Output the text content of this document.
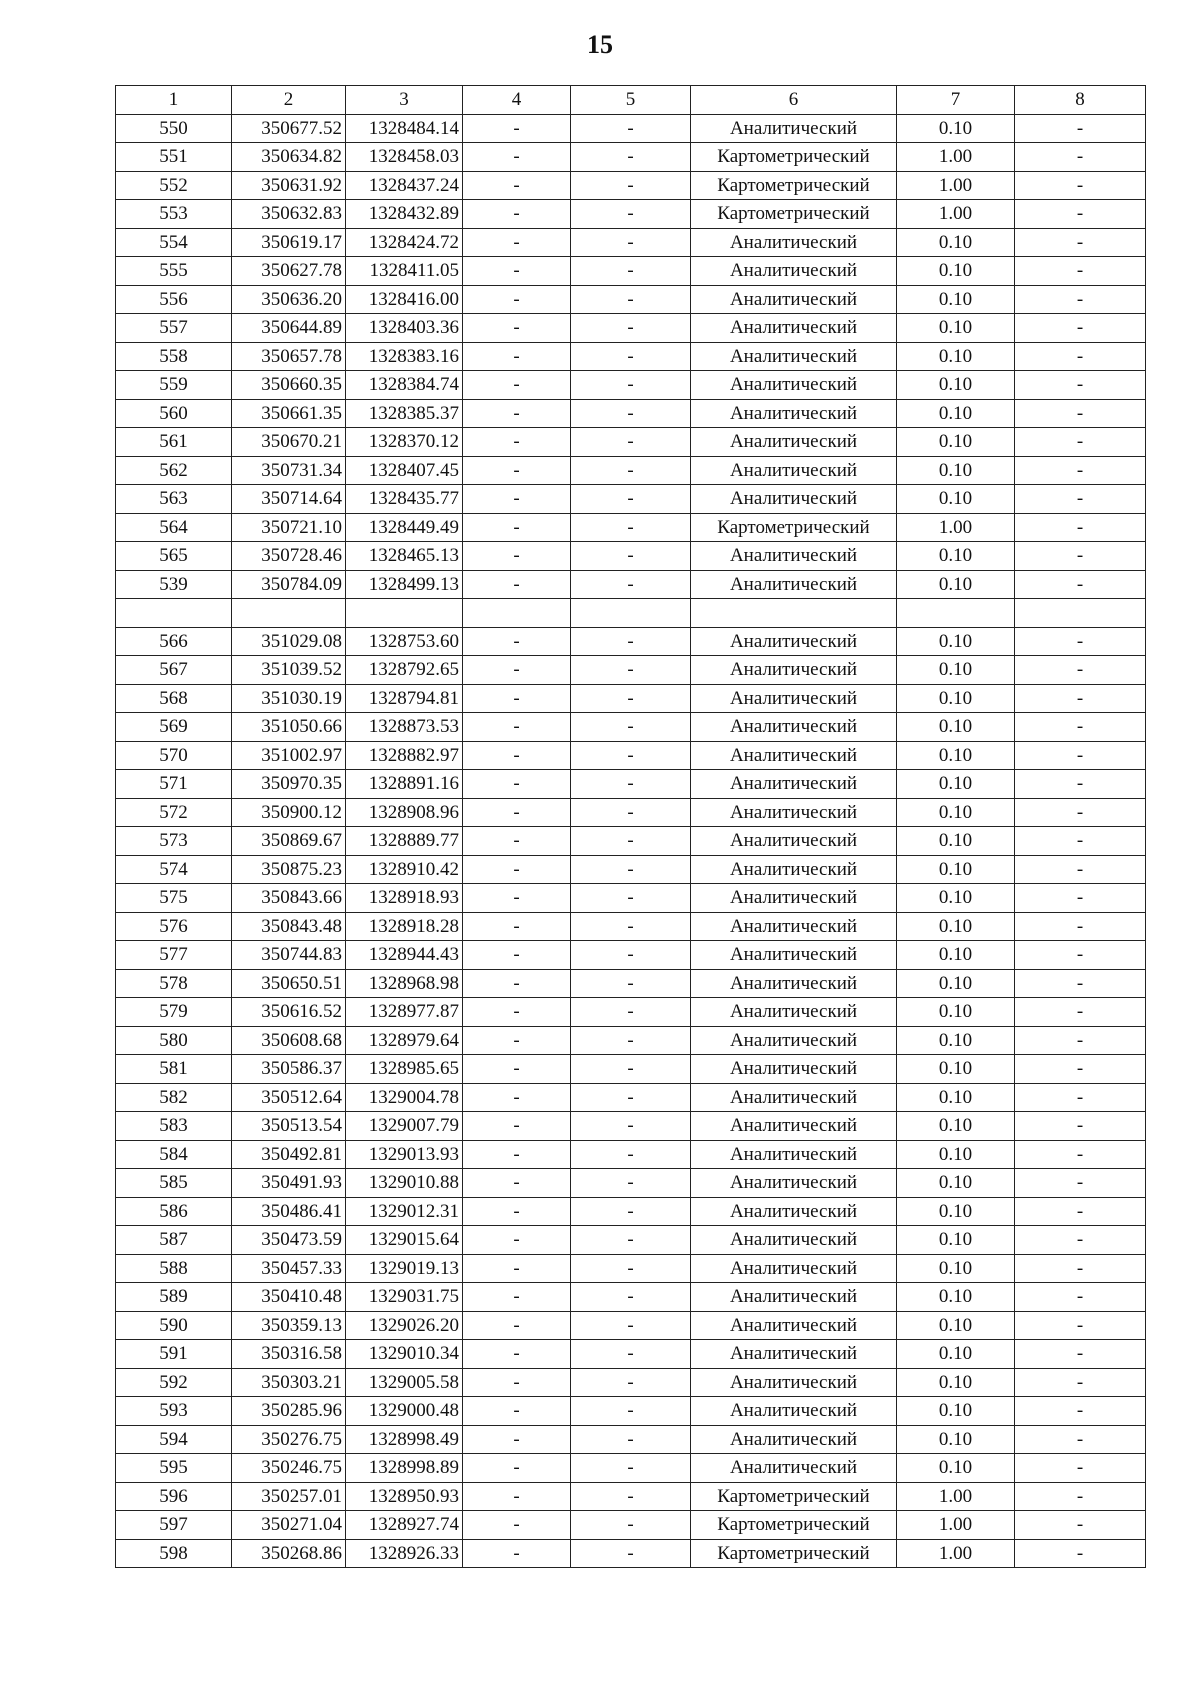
15
1	2	3	4	5	6	7	8
550	350677.52	1328484.14	-	-	Аналитический	0.10	-
551	350634.82	1328458.03	-	-	Картометрический	1.00	-
552	350631.92	1328437.24	-	-	Картометрический	1.00	-
553	350632.83	1328432.89	-	-	Картометрический	1.00	-
554	350619.17	1328424.72	-	-	Аналитический	0.10	-
555	350627.78	1328411.05	-	-	Аналитический	0.10	-
556	350636.20	1328416.00	-	-	Аналитический	0.10	-
557	350644.89	1328403.36	-	-	Аналитический	0.10	-
558	350657.78	1328383.16	-	-	Аналитический	0.10	-
559	350660.35	1328384.74	-	-	Аналитический	0.10	-
560	350661.35	1328385.37	-	-	Аналитический	0.10	-
561	350670.21	1328370.12	-	-	Аналитический	0.10	-
562	350731.34	1328407.45	-	-	Аналитический	0.10	-
563	350714.64	1328435.77	-	-	Аналитический	0.10	-
564	350721.10	1328449.49	-	-	Картометрический	1.00	-
565	350728.46	1328465.13	-	-	Аналитический	0.10	-
539	350784.09	1328499.13	-	-	Аналитический	0.10	-

566	351029.08	1328753.60	-	-	Аналитический	0.10	-
567	351039.52	1328792.65	-	-	Аналитический	0.10	-
568	351030.19	1328794.81	-	-	Аналитический	0.10	-
569	351050.66	1328873.53	-	-	Аналитический	0.10	-
570	351002.97	1328882.97	-	-	Аналитический	0.10	-
571	350970.35	1328891.16	-	-	Аналитический	0.10	-
572	350900.12	1328908.96	-	-	Аналитический	0.10	-
573	350869.67	1328889.77	-	-	Аналитический	0.10	-
574	350875.23	1328910.42	-	-	Аналитический	0.10	-
575	350843.66	1328918.93	-	-	Аналитический	0.10	-
576	350843.48	1328918.28	-	-	Аналитический	0.10	-
577	350744.83	1328944.43	-	-	Аналитический	0.10	-
578	350650.51	1328968.98	-	-	Аналитический	0.10	-
579	350616.52	1328977.87	-	-	Аналитический	0.10	-
580	350608.68	1328979.64	-	-	Аналитический	0.10	-
581	350586.37	1328985.65	-	-	Аналитический	0.10	-
582	350512.64	1329004.78	-	-	Аналитический	0.10	-
583	350513.54	1329007.79	-	-	Аналитический	0.10	-
584	350492.81	1329013.93	-	-	Аналитический	0.10	-
585	350491.93	1329010.88	-	-	Аналитический	0.10	-
586	350486.41	1329012.31	-	-	Аналитический	0.10	-
587	350473.59	1329015.64	-	-	Аналитический	0.10	-
588	350457.33	1329019.13	-	-	Аналитический	0.10	-
589	350410.48	1329031.75	-	-	Аналитический	0.10	-
590	350359.13	1329026.20	-	-	Аналитический	0.10	-
591	350316.58	1329010.34	-	-	Аналитический	0.10	-
592	350303.21	1329005.58	-	-	Аналитический	0.10	-
593	350285.96	1329000.48	-	-	Аналитический	0.10	-
594	350276.75	1328998.49	-	-	Аналитический	0.10	-
595	350246.75	1328998.89	-	-	Аналитический	0.10	-
596	350257.01	1328950.93	-	-	Картометрический	1.00	-
597	350271.04	1328927.74	-	-	Картометрический	1.00	-
598	350268.86	1328926.33	-	-	Картометрический	1.00	-
